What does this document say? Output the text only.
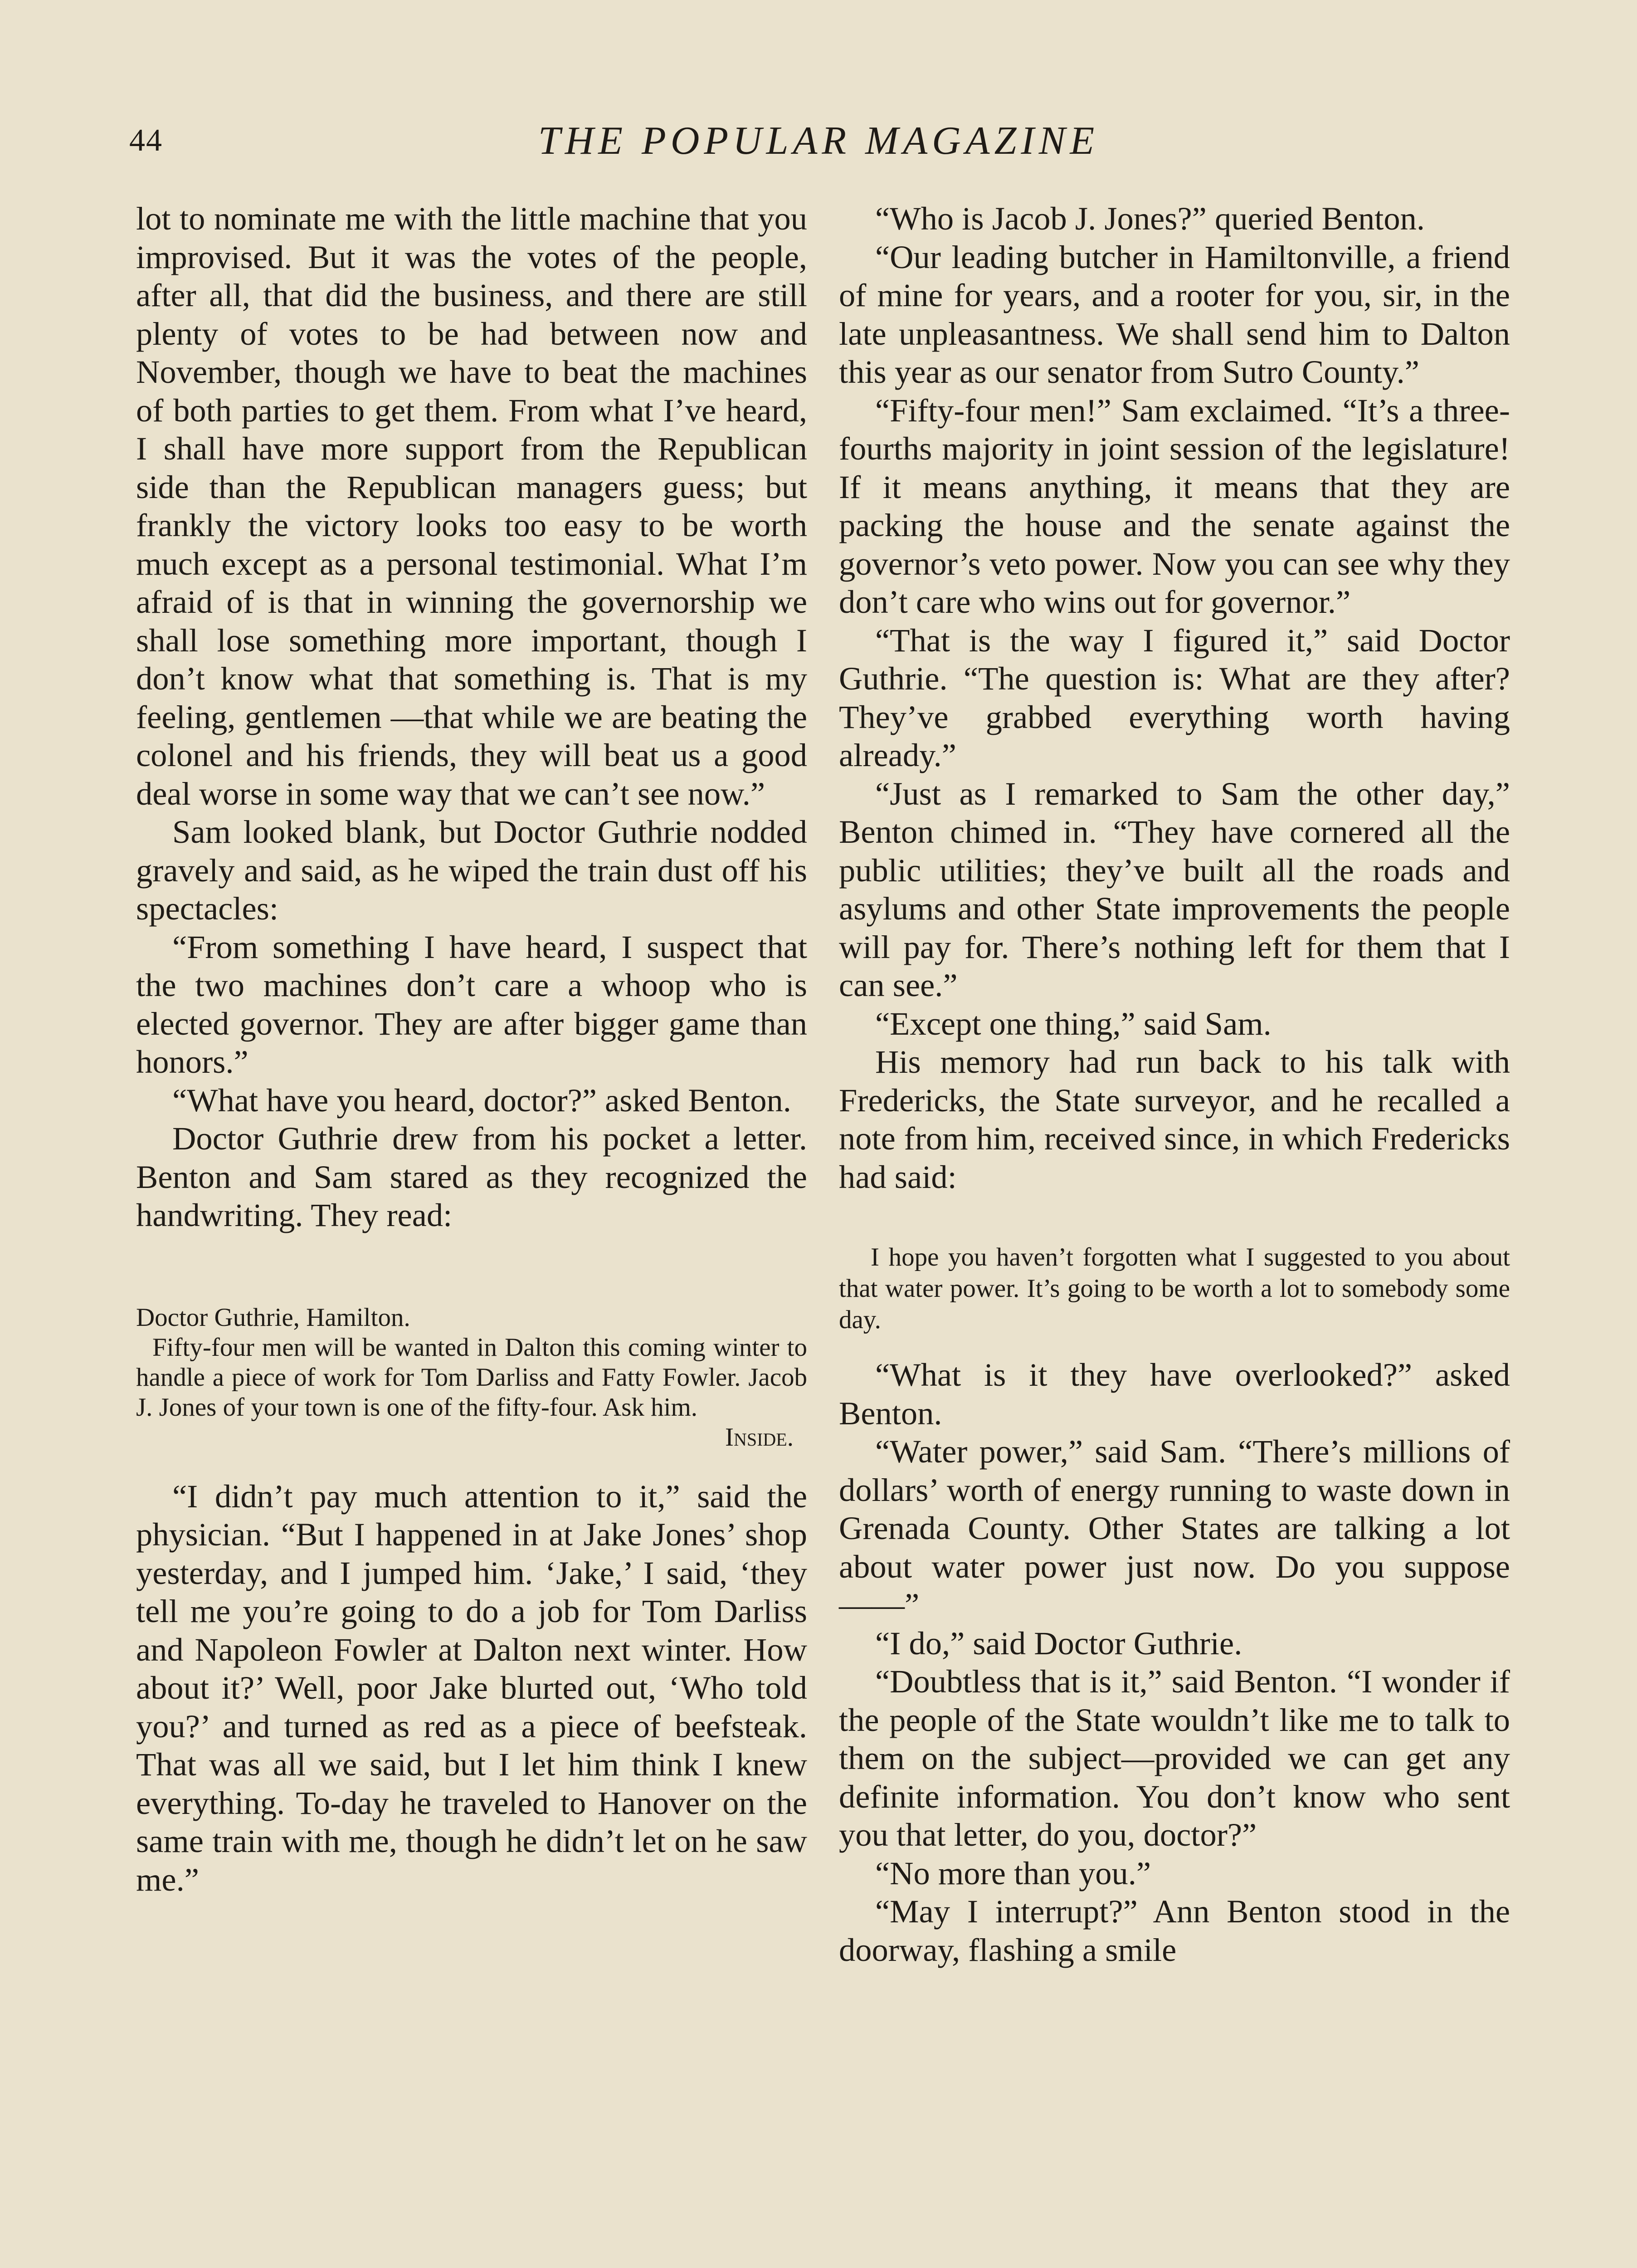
44	THE POPULAR MAGAZINE

lot to nominate me with the little machine that you improvised. But it was the votes of the people, after all, that did the business, and there are still plenty of votes to be had between now and November, though we have to beat the machines of both parties to get them. From what I’ve heard, I shall have more support from the Republican side than the Republican managers guess; but frankly the victory looks too easy to be worth much except as a personal testimonial. What I’m afraid of is that in winning the governorship we shall lose something more important, though I don’t know what that something is. That is my feeling, gentlemen —that while we are beating the colonel and his friends, they will beat us a good deal worse in some way that we can’t see now.”

Sam looked blank, but Doctor Guthrie nodded gravely and said, as he wiped the train dust off his spectacles:

“From something I have heard, I suspect that the two machines don’t care a whoop who is elected governor. They are after bigger game than honors.”

“What have you heard, doctor?” asked Benton.

Doctor Guthrie drew from his pocket a letter. Benton and Sam stared as they recognized the handwriting. They read:

Doctor Guthrie, Hamilton.

Fifty-four men will be wanted in Dalton this coming winter to handle a piece of work for Tom Darliss and Fatty Fowler. Jacob J. Jones of your town is one of the fifty-four. Ask him.

Inside.

“I didn’t pay much attention to it,” said the physician. “But I happened in at Jake Jones’ shop yesterday, and I jumped him. ‘Jake,’ I said, ‘they tell me you’re going to do a job for Tom Darliss and Napoleon Fowler at Dalton next winter. How about it?’ Well, poor Jake blurted out, ‘Who told you?’ and turned as red as a piece of beefsteak. That was all we said, but I let him think I knew everything. To-day he traveled to Hanover on the same train with me, though he didn’t let on he saw me.”

“Who is Jacob J. Jones?” queried Benton.

“Our leading butcher in Hamiltonville, a friend of mine for years, and a rooter for you, sir, in the late unpleasantness. We shall send him to Dalton this year as our senator from Sutro County.”

“Fifty-four men!” Sam exclaimed. “It’s a three-fourths majority in joint session of the legislature! If it means anything, it means that they are packing the house and the senate against the governor’s veto power. Now you can see why they don’t care who wins out for governor.”

“That is the way I figured it,” said Doctor Guthrie. “The question is: What are they after? They’ve grabbed everything worth having already.”

“Just as I remarked to Sam the other day,” Benton chimed in. “They have cornered all the public utilities; they’ve built all the roads and asylums and other State improvements the people will pay for. There’s nothing left for them that I can see.”

“Except one thing,” said Sam.

His memory had run back to his talk with Fredericks, the State surveyor, and he recalled a note from him, received since, in which Fredericks had said:

I hope you haven’t forgotten what I suggested to you about that water power. It’s going to be worth a lot to somebody some day.

“What is it they have overlooked?” asked Benton.

“Water power,” said Sam. “There’s millions of dollars’ worth of energy running to waste down in Grenada County. Other States are talking a lot about water power just now. Do you suppose——”

“I do,” said Doctor Guthrie.

“Doubtless that is it,” said Benton. “I wonder if the people of the State wouldn’t like me to talk to them on the subject—provided we can get any definite information. You don’t know who sent you that letter, do you, doctor?”

“No more than you.”

“May I interrupt?” Ann Benton stood in the doorway, flashing a smile
